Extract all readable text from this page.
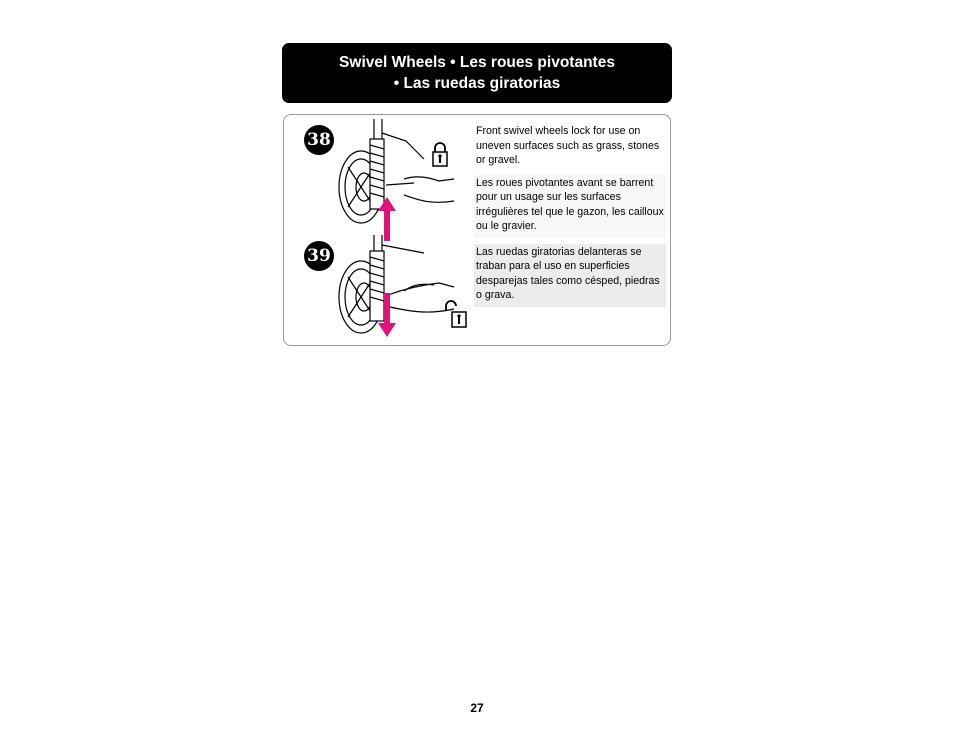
Swivel Wheels • Les roues pivotantes
• Las ruedas giratorias
38
39

Front swivel wheels lock for use on uneven surfaces such as grass, stones or gravel.

Les roues pivotantes avant se barrent pour un usage sur les surfaces irrégulières tel que le gazon, les cailloux ou le gravier.

Las ruedas giratorias delanteras se traban para el uso en superficies desparejas tales como césped, piedras o grava.

27
